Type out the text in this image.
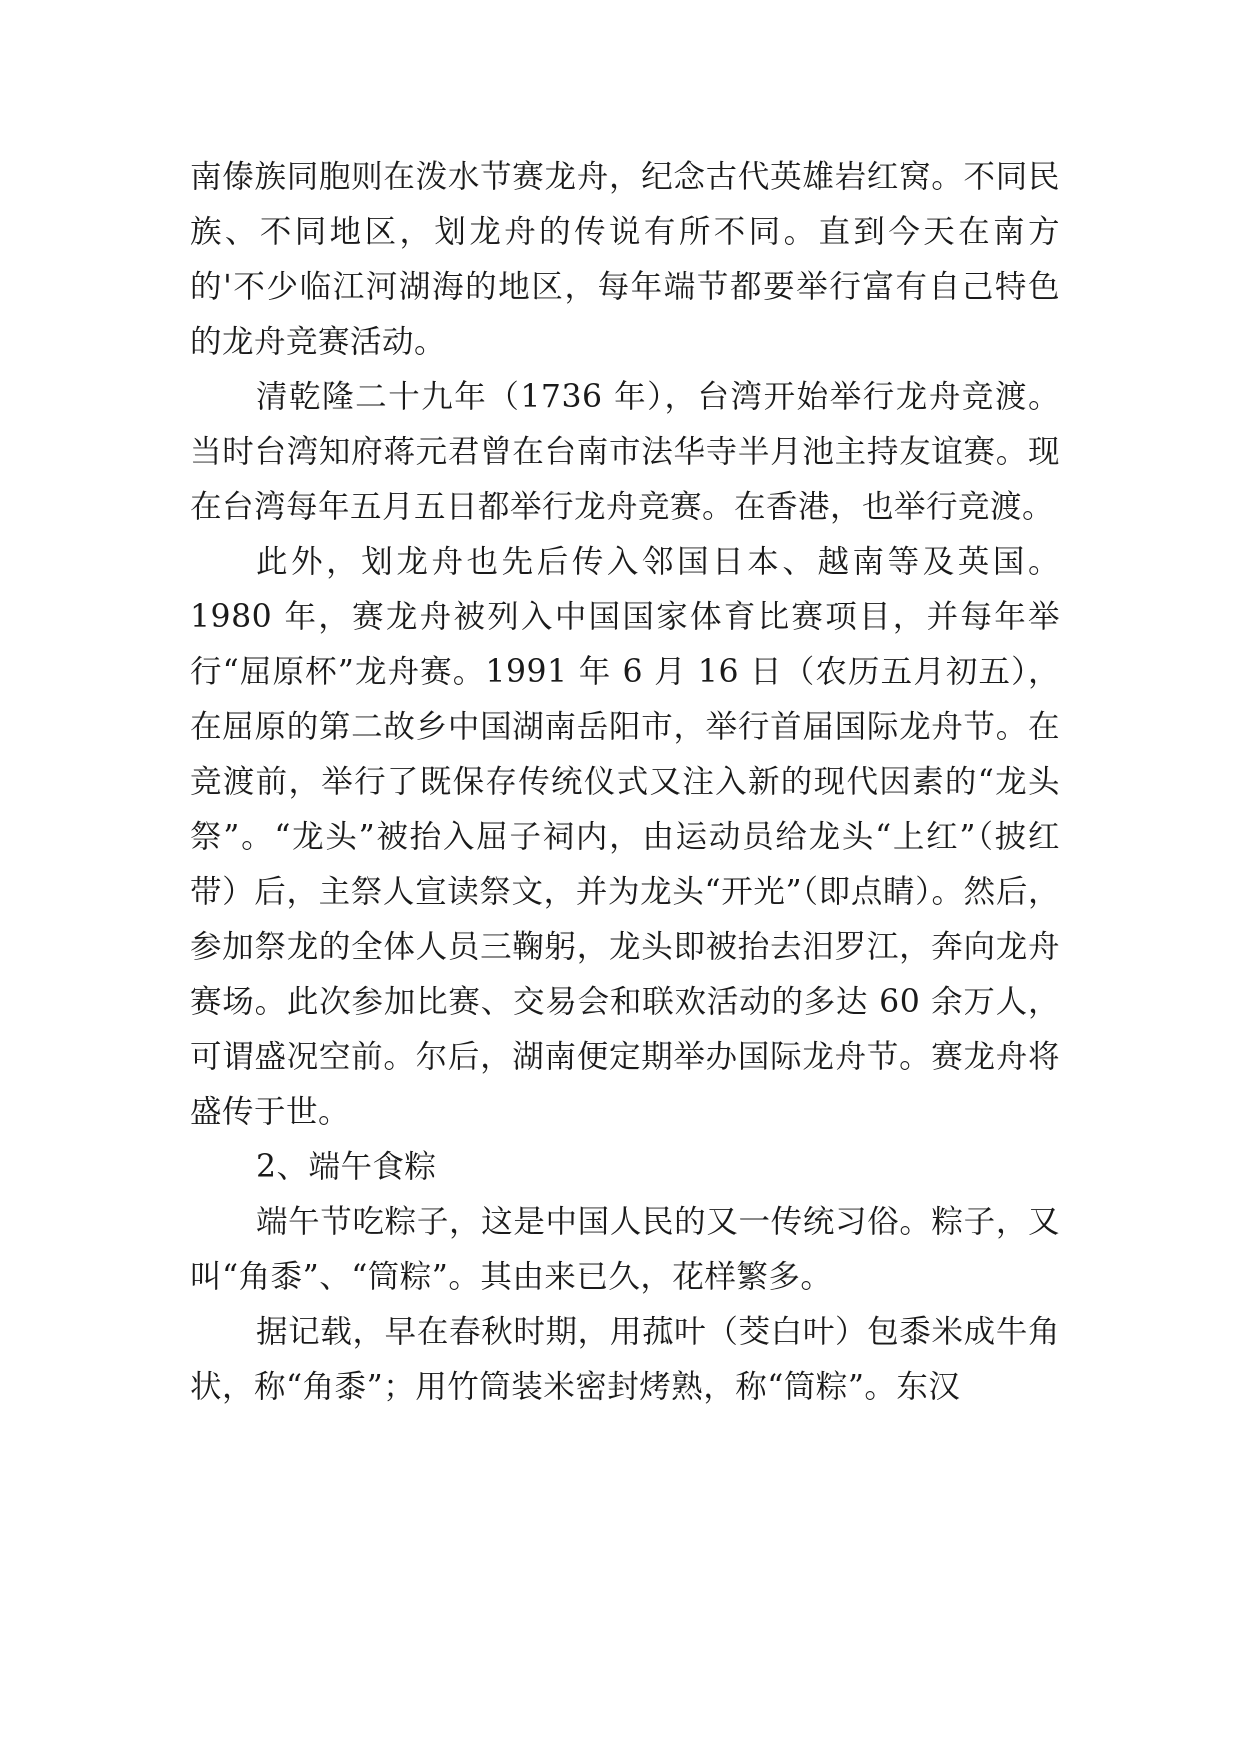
南傣族同胞则在泼水节赛龙舟，纪念古代英雄岩红窝。不同民族、不同地区，划龙舟的传说有所不同。直到今天在南方的'不少临江河湖海的地区，每年端节都要举行富有自己特色的龙舟竞赛活动。

清乾隆二十九年（1736 年），台湾开始举行龙舟竞渡。当时台湾知府蒋元君曾在台南市法华寺半月池主持友谊赛。现在台湾每年五月五日都举行龙舟竞赛。在香港，也举行竞渡。

此外，划龙舟也先后传入邻国日本、越南等及英国。1980 年，赛龙舟被列入中国国家体育比赛项目，并每年举行“屈原杯”龙舟赛。1991 年 6 月 16 日（农历五月初五），在屈原的第二故乡中国湖南岳阳市，举行首届国际龙舟节。在竞渡前，举行了既保存传统仪式又注入新的现代因素的“龙头祭”。“龙头”被抬入屈子祠内，由运动员给龙头“上红”（披红带）后，主祭人宣读祭文，并为龙头“开光”（即点睛）。然后，参加祭龙的全体人员三鞠躬，龙头即被抬去汨罗江，奔向龙舟赛场。此次参加比赛、交易会和联欢活动的多达 60 余万人，可谓盛况空前。尔后，湖南便定期举办国际龙舟节。赛龙舟将盛传于世。

2、端午食粽

端午节吃粽子，这是中国人民的又一传统习俗。粽子，又叫“角黍”、“筒粽”。其由来已久，花样繁多。

据记载，早在春秋时期，用菰叶（茭白叶）包黍米成牛角状，称“角黍”；用竹筒装米密封烤熟，称“筒粽”。东汉
